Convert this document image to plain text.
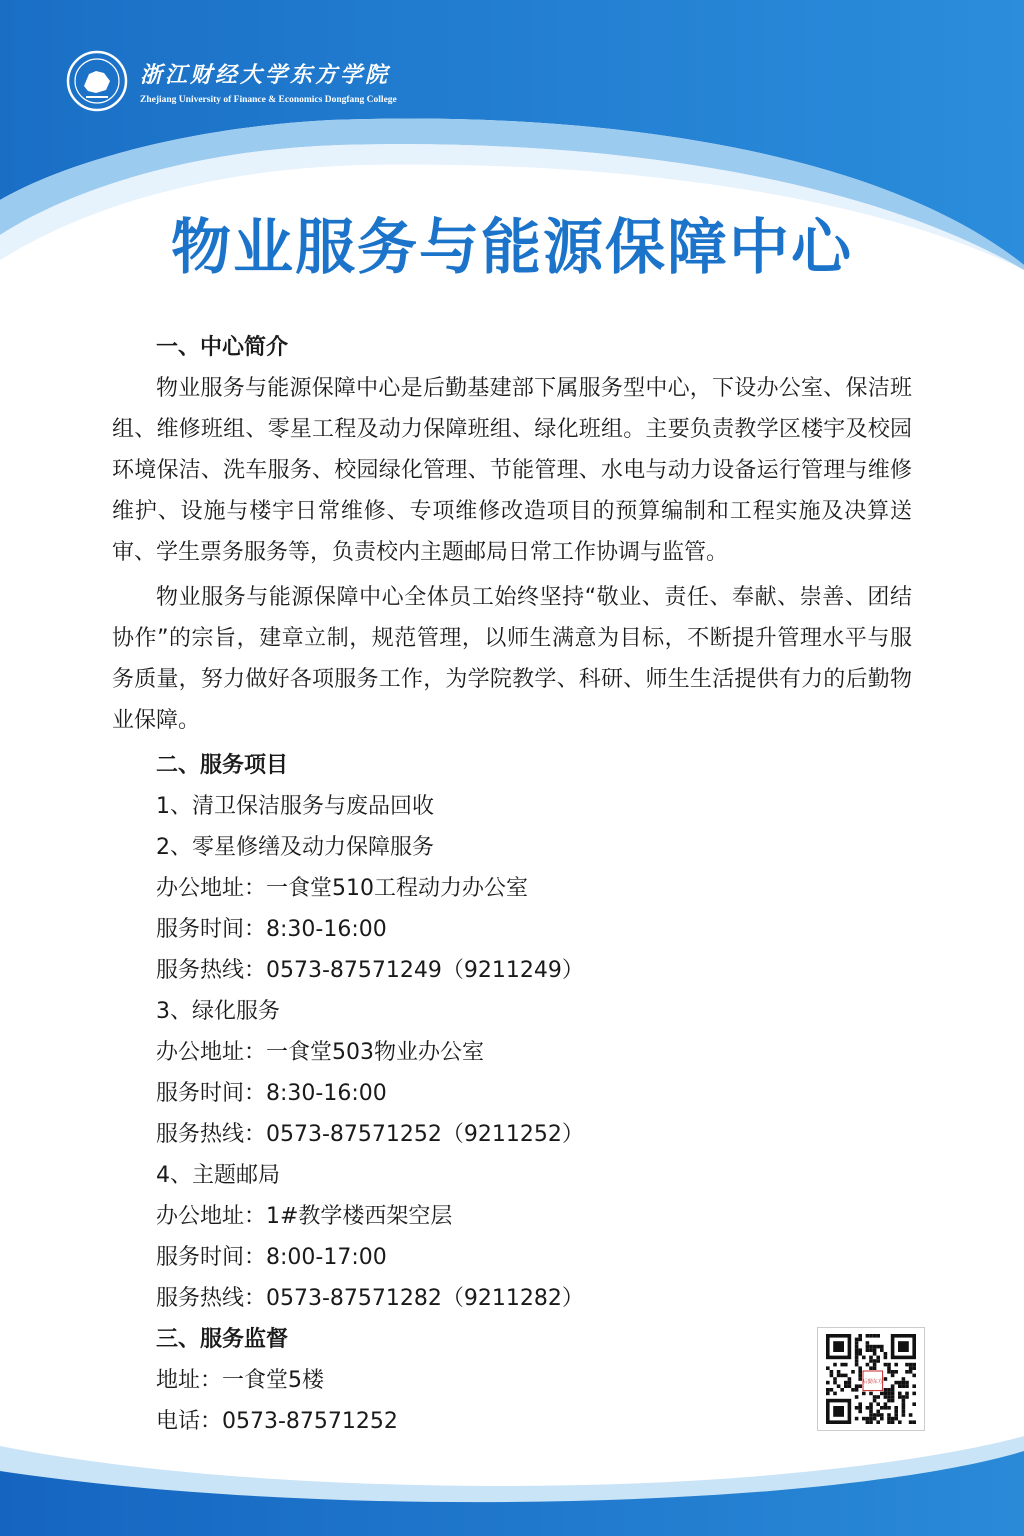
浙江财经大学东方学院
Zhejiang University of Finance & Economics Dongfang College
物业服务与能源保障中心
一、中心简介

物业服务与能源保障中心是后勤基建部下属服务型中心，下设办公室、保洁班组、维修班组、零星工程及动力保障班组、绿化班组。主要负责教学区楼宇及校园环境保洁、洗车服务、校园绿化管理、节能管理、水电与动力设备运行管理与维修维护、设施与楼宇日常维修、专项维修改造项目的预算编制和工程实施及决算送审、学生票务服务等，负责校内主题邮局日常工作协调与监管。

物业服务与能源保障中心全体员工始终坚持“敬业、责任、奉献、崇善、团结协作”的宗旨，建章立制，规范管理，以师生满意为目标，不断提升管理水平与服务质量，努力做好各项服务工作，为学院教学、科研、师生生活提供有力的后勤物业保障。

二、服务项目
1、清卫保洁服务与废品回收
2、零星修缮及动力保障服务
办公地址：一食堂510工程动力办公室
服务时间：8:30-16:00
服务热线：0573-87571249（9211249）
3、绿化服务
办公地址：一食堂503物业办公室
服务时间：8:30-16:00
服务热线：0573-87571252（9211252）
4、主题邮局
办公地址：1#教学楼西架空层
服务时间：8:00-17:00
服务热线：0573-87571282（9211282）
三、服务监督
地址：一食堂5楼
电话：0573-87571252
后勤东方
